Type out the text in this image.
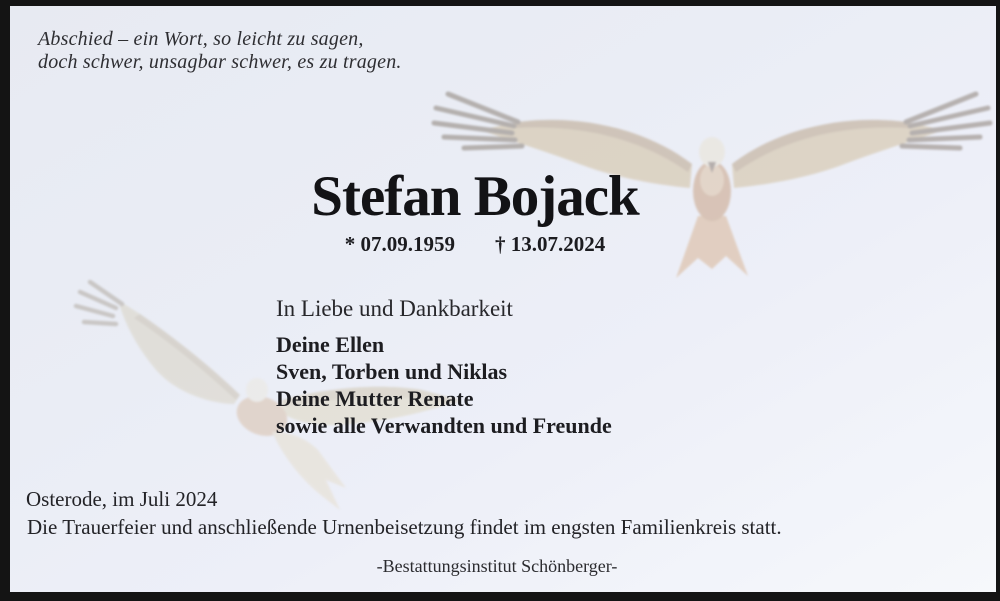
Abschied – ein Wort, so leicht zu sagen,
doch schwer, unsagbar schwer, es zu tragen.
Stefan Bojack
* 07.09.1959 † 13.07.2024
In Liebe und Dankbarkeit
Deine Ellen
Sven, Torben und Niklas
Deine Mutter Renate
sowie alle Verwandten und Freunde
Osterode, im Juli 2024
Die Trauerfeier und anschließende Urnenbeisetzung findet im engsten Familienkreis statt.
-Bestattungsinstitut Schönberger-
